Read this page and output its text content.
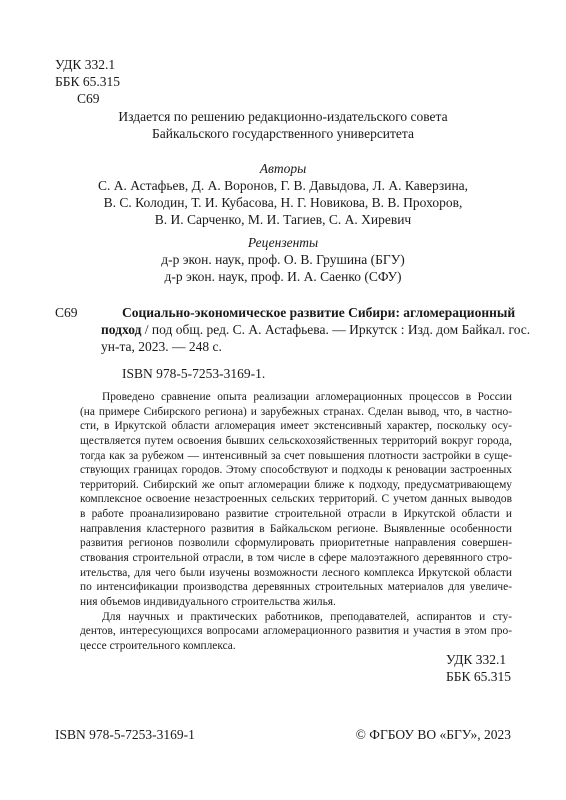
УДК 332.1
ББК 65.315
С69
Издается по решению редакционно-издательского совета
Байкальского государственного университета
Авторы
С. А. Астафьев, Д. А. Воронов, Г. В. Давыдова, Л. А. Каверзина,
В. С. Колодин, Т. И. Кубасова, Н. Г. Новикова, В. В. Прохоров,
В. И. Сарченко, М. И. Тагиев, С. А. Хиревич
Рецензенты
д-р экон. наук, проф. О. В. Грушина (БГУ)
д-р экон. наук, проф. И. А. Саенко (СФУ)
С69	Социально-экономическое развитие Сибири: агломерационный
подход / под общ. ред. С. А. Астафьева. — Иркутск : Изд. дом Байкал. гос.
ун-та, 2023. — 248 с.
ISBN 978-5-7253-3169-1.

Проведено сравнение опыта реализации агломерационных процессов в России
(на примере Сибирского региона) и зарубежных странах. Сделан вывод, что, в частно-
сти, в Иркутской области агломерация имеет экстенсивный характер, поскольку осу-
ществляется путем освоения бывших сельскохозяйственных территорий вокруг города,
тогда как за рубежом — интенсивный за счет повышения плотности застройки в суще-
ствующих границах городов. Этому способствуют и подходы к реновации застроенных
территорий. Сибирский же опыт агломерации ближе к подходу, предусматривающему
комплексное освоение незастроенных сельских территорий. С учетом данных выводов
в работе проанализировано развитие строительной отрасли в Иркутской области и
направления кластерного развития в Байкальском регионе. Выявленные особенности
развития регионов позволили сформулировать приоритетные направления совершен-
ствования строительной отрасли, в том числе в сфере малоэтажного деревянного стро-
ительства, для чего были изучены возможности лесного комплекса Иркутской области
по интенсификации производства деревянных строительных материалов для увеличе-
ния объемов индивидуального строительства жилья.

Для научных и практических работников, преподавателей, аспирантов и сту-
дентов, интересующихся вопросами агломерационного развития и участия в этом про-
цессе строительного комплекса.

УДК 332.1
ББК 65.315
ISBN 978-5-7253-3169-1	© ФГБОУ ВО «БГУ», 2023
